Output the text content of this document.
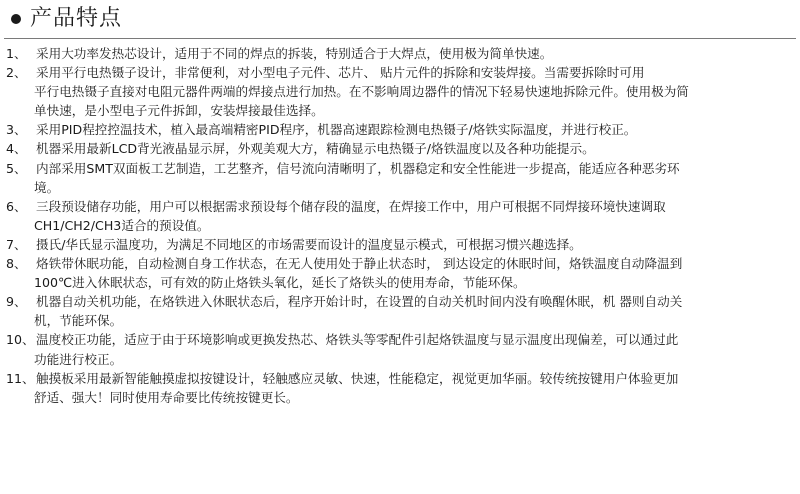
产品特点
1、 采用大功率发热芯设计，适用于不同的焊点的拆装，特别适合于大焊点，使用极为简单快速。
2、 采用平行电热镊子设计，非常便利，对小型电子元件、芯片、 贴片元件的拆除和安装焊接。当需要拆除时可用
平行电热镊子直接对电阻元器件两端的焊接点进行加热。在不影响周边器件的情况下轻易快速地拆除元件。使用极为简
单快速，是小型电子元件拆卸，安装焊接最佳选择。
3、 采用PID程控控温技术，植入最高端精密PID程序，机器高速跟踪检测电热镊子/烙铁实际温度，并进行校正。
4、 机器采用最新LCD背光液晶显示屏，外观美观大方，精确显示电热镊子/烙铁温度以及各种功能提示。
5、 内部采用SMT双面板工艺制造，工艺整齐，信号流向清晰明了，机器稳定和安全性能进一步提高，能适应各种恶劣环
境。
6、 三段预设储存功能，用户可以根据需求预设每个储存段的温度，在焊接工作中，用户可根据不同焊接环境快速调取
CH1/CH2/CH3适合的预设值。
7、 摄氏/华氏显示温度功，为满足不同地区的市场需要而设计的温度显示模式，可根据习惯兴趣选择。
8、 烙铁带休眠功能，自动检测自身工作状态，在无人使用处于静止状态时， 到达设定的休眠时间，烙铁温度自动降温到
100℃进入休眠状态，可有效的防止烙铁头氧化，延长了烙铁头的使用寿命，节能环保。
9、 机器自动关机功能，在烙铁进入休眠状态后，程序开始计时，在设置的自动关机时间内没有唤醒休眠，机 器则自动关
机，节能环保。
10、 温度校正功能，适应于由于环境影响或更换发热芯、烙铁头等零配件引起烙铁温度与显示温度出现偏差，可以通过此
功能进行校正。
11、 触摸板采用最新智能触摸虚拟按键设计，轻触感应灵敏、快速，性能稳定，视觉更加华丽。较传统按键用户体验更加
舒适、强大！同时使用寿命要比传统按键更长。
